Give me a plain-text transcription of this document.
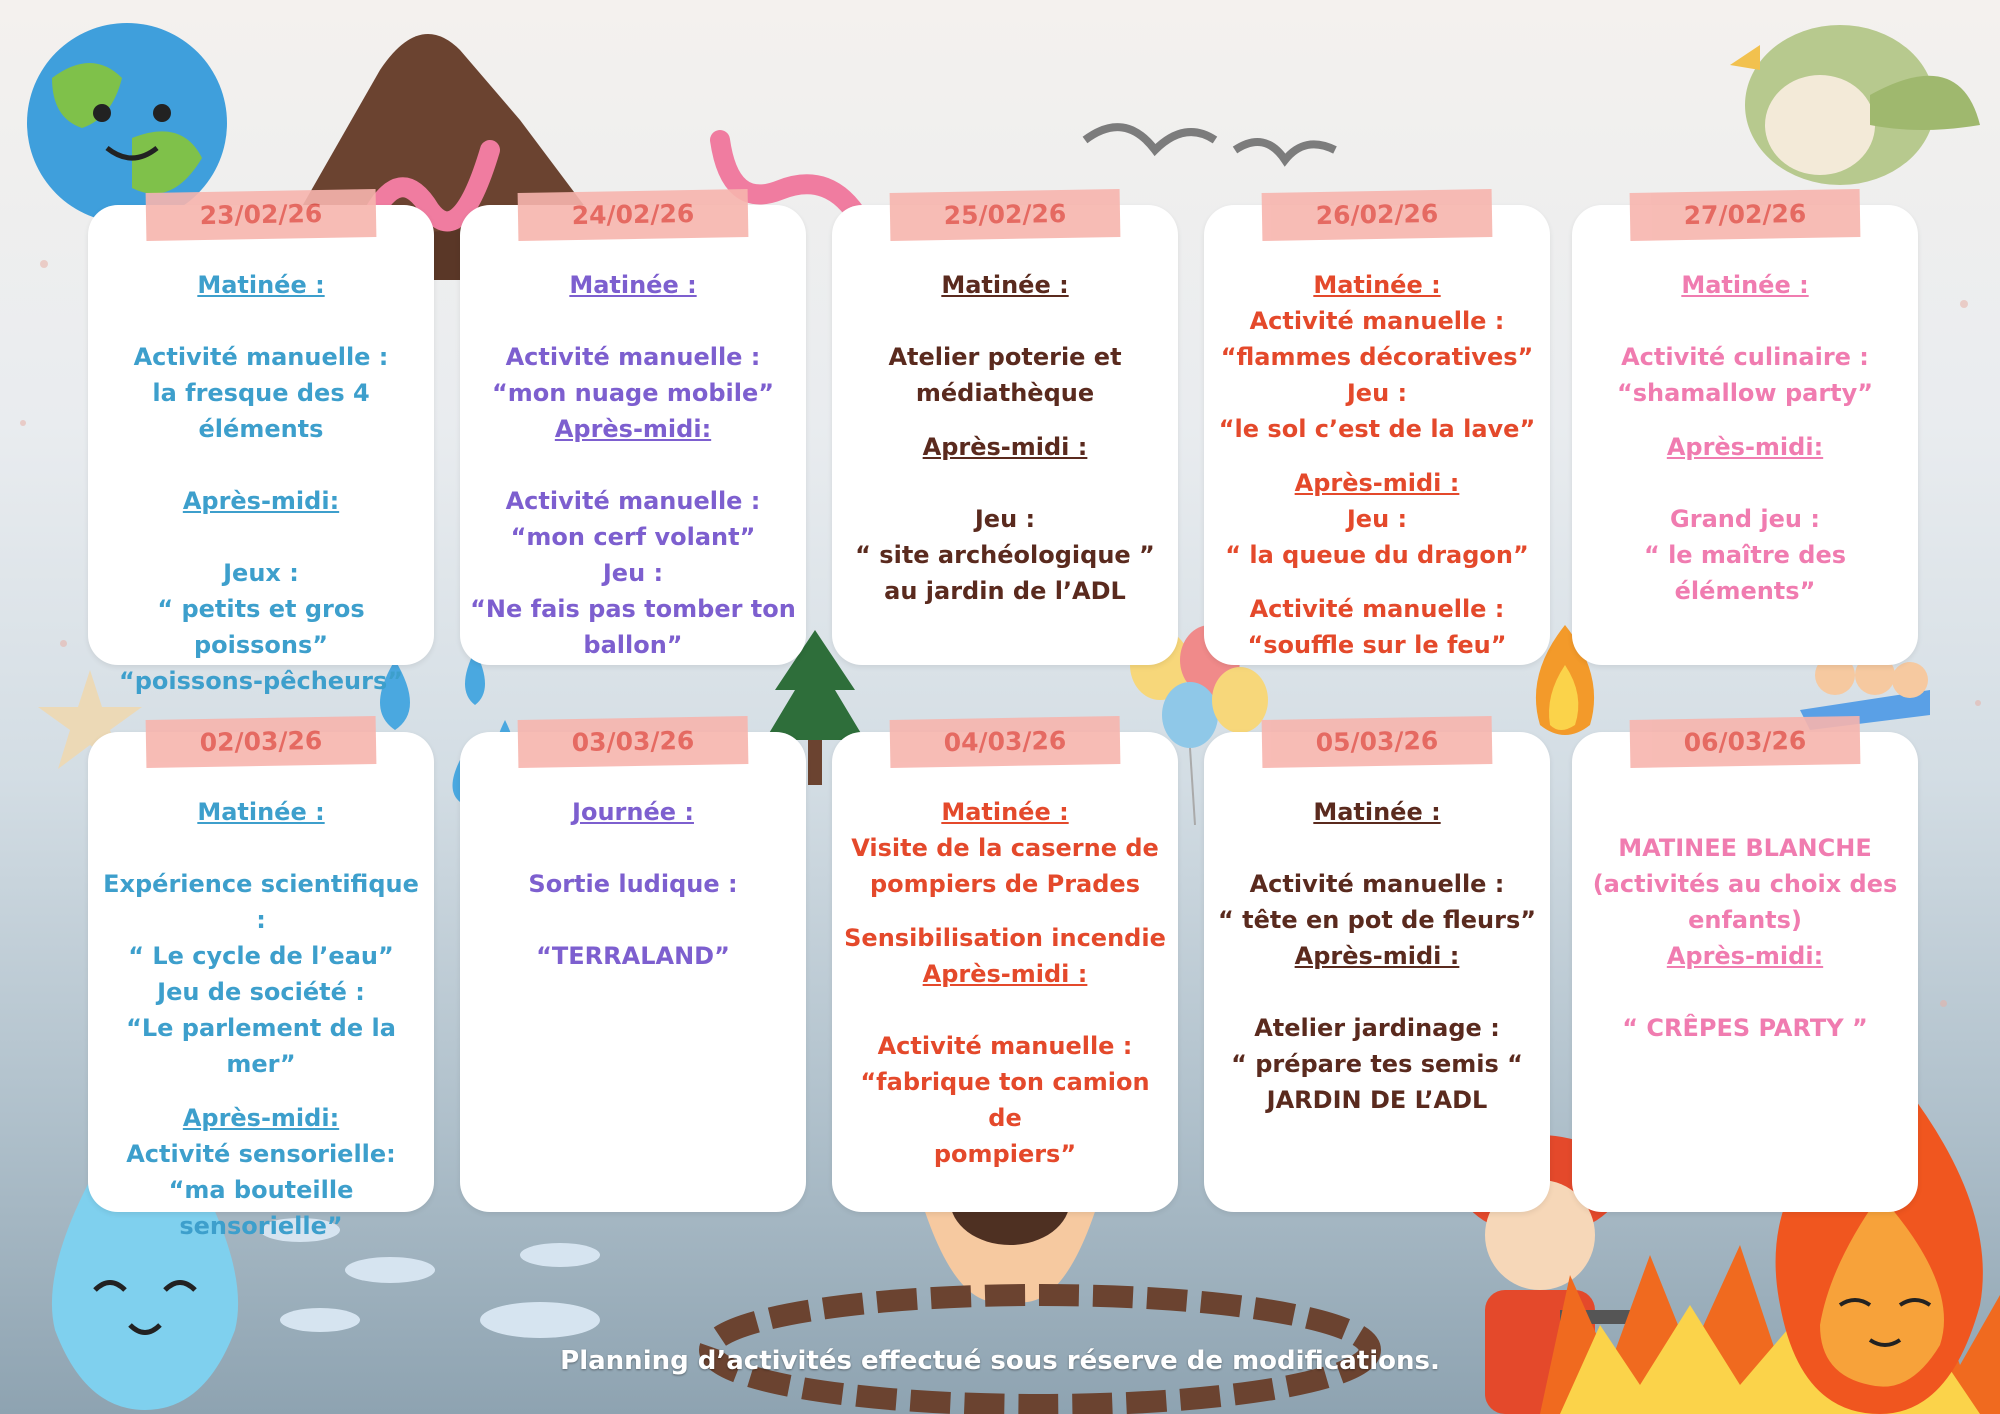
“LES PETITS PRADEENS ET LES 4 ELEMENTS”
23/02/26
Matinée :
Activité manuelle :
la fresque des 4 éléments
Après-midi:
Jeux :
“ petits et gros poissons”
“poissons-pêcheurs”
24/02/26
Matinée :
Activité manuelle :
“mon nuage mobile”
Après-midi:
Activité manuelle :
“mon cerf volant”
Jeu :
“Ne fais pas tomber ton
ballon”
25/02/26
Matinée :
Atelier poterie et
médiathèque
Après-midi :
Jeu :
“ site archéologique ”
au jardin de l’ADL
26/02/26
Matinée :
Activité manuelle :
“flammes décoratives”
Jeu :
“le sol c’est de la lave”
Après-midi :
Jeu :
“ la queue du dragon”
Activité manuelle :
“souffle sur le feu”
27/02/26
Matinée :
Activité culinaire :
“shamallow party”
Après-midi:
Grand jeu :
“ le maître des éléments”
02/03/26
Matinée :
Expérience scientifique :
“ Le cycle de l’eau”
Jeu de société :
“Le parlement de la mer”
Après-midi:
Activité sensorielle:
“ma bouteille sensorielle”
03/03/26
Journée :
Sortie ludique :
“TERRALAND”
04/03/26
Matinée :
Visite de la caserne de
pompiers de Prades
Sensibilisation incendie
Après-midi :
Activité manuelle :
“fabrique ton camion de
pompiers”
05/03/26
Matinée :
Activité manuelle :
“ tête en pot de fleurs”
Après-midi :
Atelier jardinage :
“ prépare tes semis “
JARDIN DE L’ADL
06/03/26
MATINEE BLANCHE
(activités au choix des
enfants)
Après-midi:
“ CRÊPES PARTY ”
Planning d’activités effectué sous réserve de modifications.
